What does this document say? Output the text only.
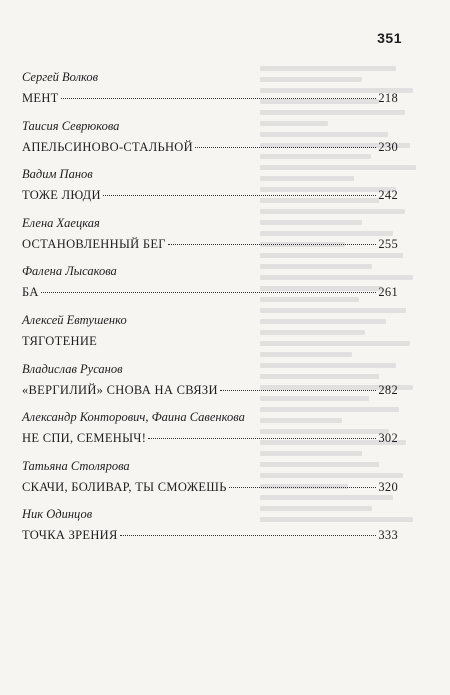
351
Сергей Волков
МЕНТ	218
Таисия Севрюкова
АПЕЛЬСИНОВО-СТАЛЬНОЙ	230
Вадим Панов
ТОЖЕ ЛЮДИ	242
Елена Хаецкая
ОСТАНОВЛЕННЫЙ БЕГ	255
Фалена Лысакова
БА	261
Алексей Евтушенко
ТЯГОТЕНИЕ
Владислав Русанов
«ВЕРГИЛИЙ» СНОВА НА СВЯЗИ	282
Александр Конторович, Фаина Савенкова
НЕ СПИ, СЕМЕНЫЧ!	302
Татьяна Столярова
СКАЧИ, БОЛИВАР, ТЫ СМОЖЕШЬ	320
Ник Одинцов
ТОЧКА ЗРЕНИЯ	333
